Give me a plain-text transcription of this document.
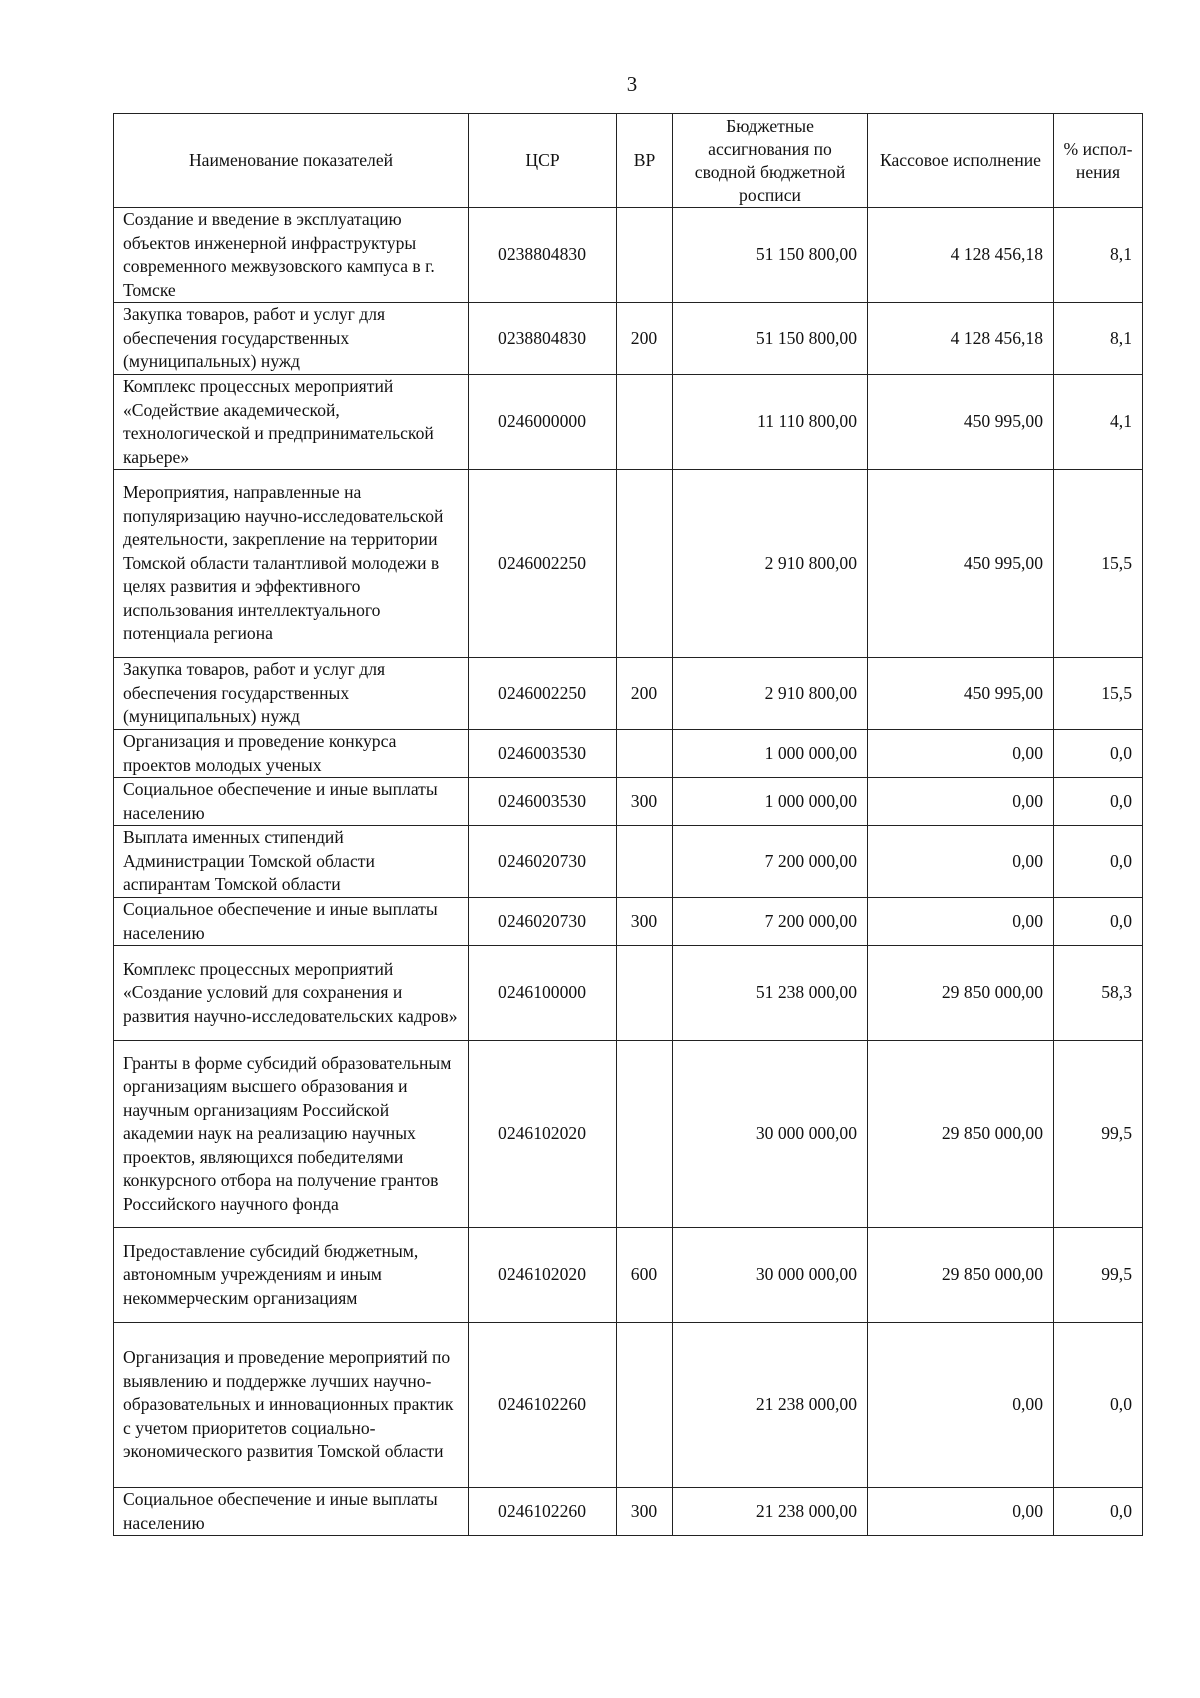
3
Наименование показателей	ЦСР	ВР	Бюджетные ассигнования по сводной бюджетной росписи	Кассовое исполнение	% испол-нения
Создание и введение в эксплуатацию объектов инженерной инфраструктуры современного межвузовского кампуса в г. Томске	0238804830		51 150 800,00	4 128 456,18	8,1
Закупка товаров, работ и услуг для обеспечения государственных (муниципальных) нужд	0238804830	200	51 150 800,00	4 128 456,18	8,1
Комплекс процессных мероприятий «Содействие академической, технологической и предпринимательской карьере»	0246000000		11 110 800,00	450 995,00	4,1
Мероприятия, направленные на популяризацию научно-исследовательской деятельности, закрепление на территории Томской области талантливой молодежи в целях развития и эффективного использования интеллектуального потенциала региона	0246002250		2 910 800,00	450 995,00	15,5
Закупка товаров, работ и услуг для обеспечения государственных (муниципальных) нужд	0246002250	200	2 910 800,00	450 995,00	15,5
Организация и проведение конкурса проектов молодых ученых	0246003530		1 000 000,00	0,00	0,0
Социальное обеспечение и иные выплаты населению	0246003530	300	1 000 000,00	0,00	0,0
Выплата именных стипендий Администрации Томской области аспирантам Томской области	0246020730		7 200 000,00	0,00	0,0
Социальное обеспечение и иные выплаты населению	0246020730	300	7 200 000,00	0,00	0,0
Комплекс процессных мероприятий «Создание условий для сохранения и развития научно-исследовательских кадров»	0246100000		51 238 000,00	29 850 000,00	58,3
Гранты в форме субсидий образовательным организациям высшего образования и научным организациям Российской академии наук на реализацию научных проектов, являющихся победителями конкурсного отбора на получение грантов Российского научного фонда	0246102020		30 000 000,00	29 850 000,00	99,5
Предоставление субсидий бюджетным, автономным учреждениям и иным некоммерческим организациям	0246102020	600	30 000 000,00	29 850 000,00	99,5
Организация и проведение мероприятий по выявлению и поддержке лучших научно-образовательных и инновационных практик с учетом приоритетов социально-экономического развития Томской области	0246102260		21 238 000,00	0,00	0,0
Социальное обеспечение и иные выплаты населению	0246102260	300	21 238 000,00	0,00	0,0
